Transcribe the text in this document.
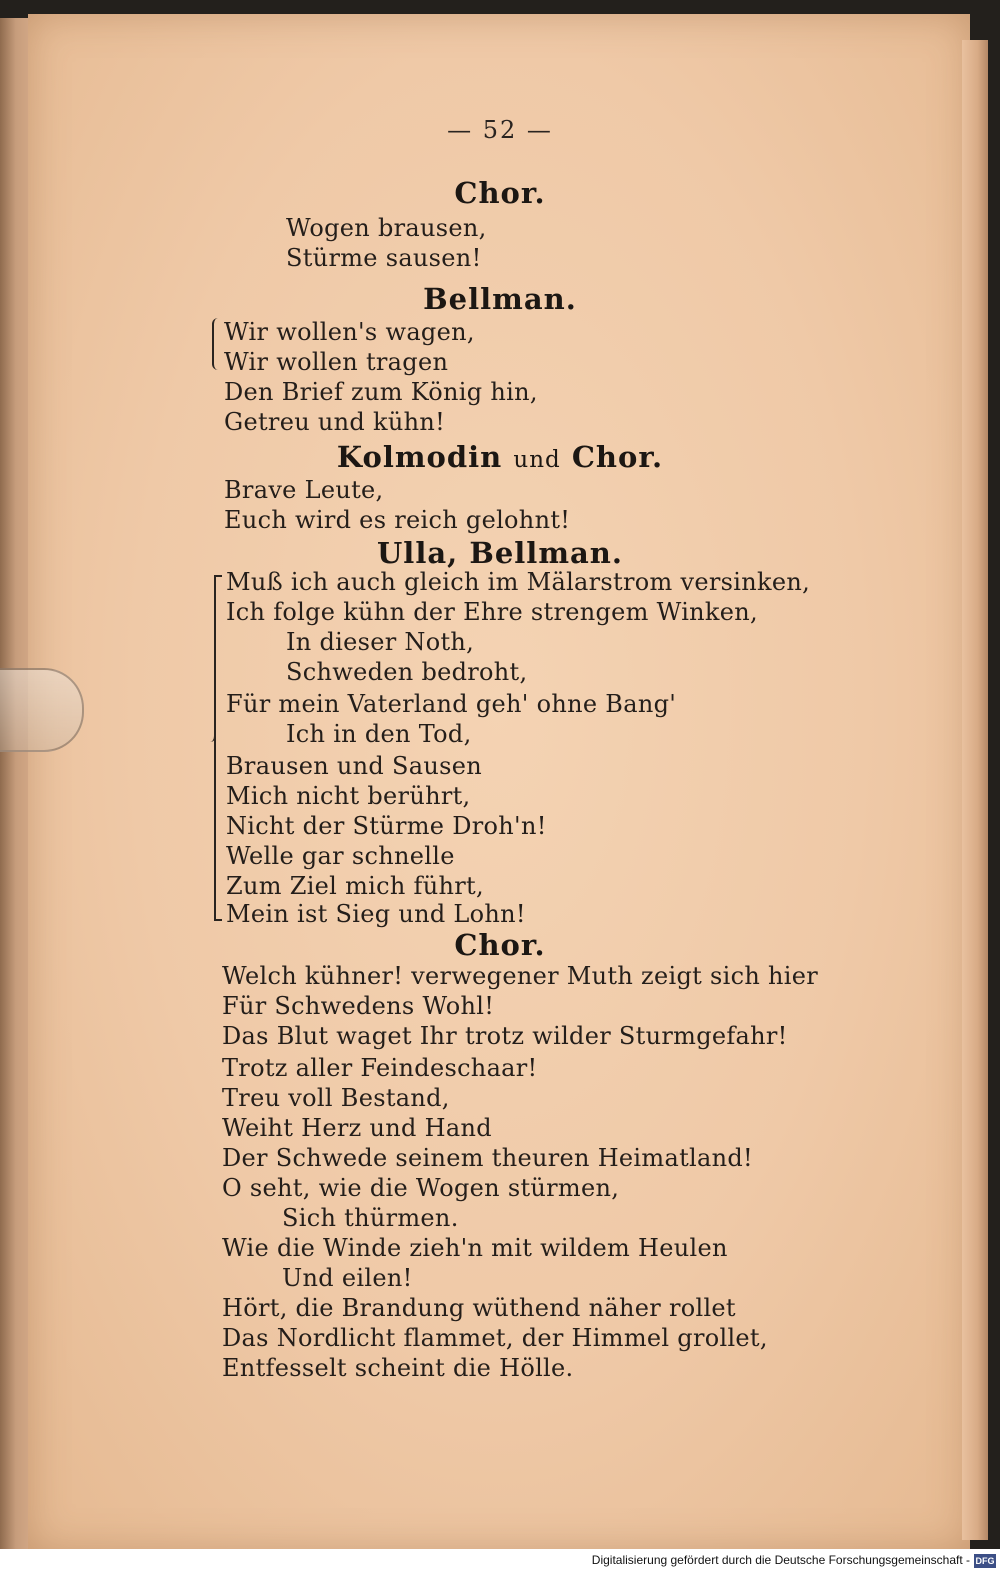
— 52 —
Chor.
Wogen brausen,
Stürme sausen!
Bellman.
Wir wollen's wagen,
Wir wollen tragen
Den Brief zum König hin,
Getreu und kühn!
Kolmodin und Chor.
Brave Leute,
Euch wird es reich gelohnt!
Ulla, Bellman.
Muß ich auch gleich im Mälarstrom versinken,
Ich folge kühn der Ehre strengem Winken,
In dieser Noth,
Schweden bedroht,
Für mein Vaterland geh' ohne Bang'
Ich in den Tod,
Brausen und Sausen
Mich nicht berührt,
Nicht der Stürme Droh'n!
Welle gar schnelle
Zum Ziel mich führt,
Mein ist Sieg und Lohn!
Chor.
Welch kühner! verwegener Muth zeigt sich hier
Für Schwedens Wohl!
Das Blut waget Ihr trotz wilder Sturmgefahr!
Trotz aller Feindeschaar!
Treu voll Bestand,
Weiht Herz und Hand
Der Schwede seinem theuren Heimatland!
O seht, wie die Wogen stürmen,
Sich thürmen.
Wie die Winde zieh'n mit wildem Heulen
Und eilen!
Hört, die Brandung wüthend näher rollet
Das Nordlicht flammet, der Himmel grollet,
Entfesselt scheint die Hölle.
Digitalisierung gefördert durch die Deutsche Forschungsgemeinschaft - DFG
